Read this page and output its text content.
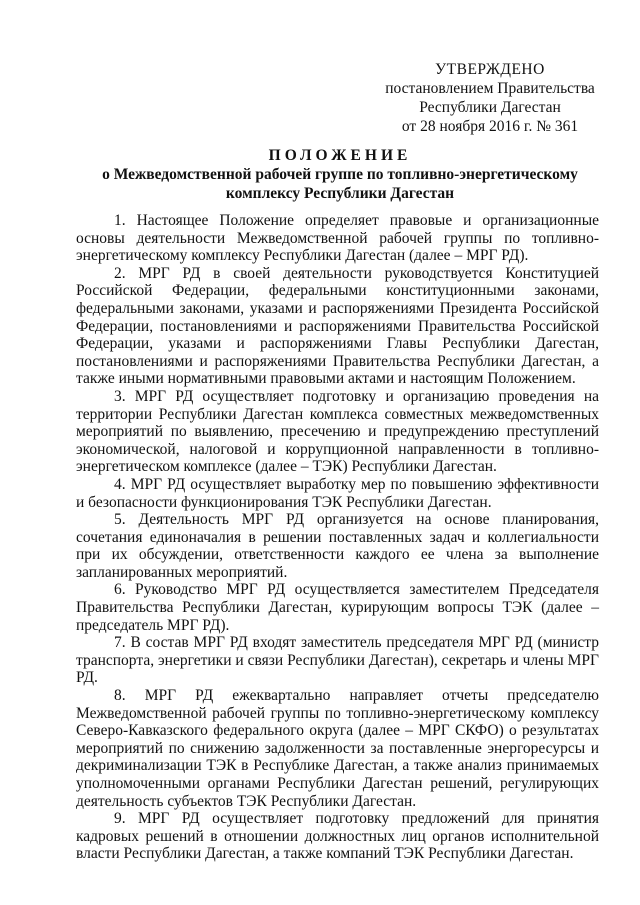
УТВЕРЖДЕНО
постановлением Правительства
Республики Дагестан
от 28 ноября 2016 г. № 361
ПОЛОЖЕНИЕ
о Межведомственной рабочей группе по топливно-энергетическому
комплексу Республики Дагестан

1. Настоящее Положение определяет правовые и организационные основы деятельности Межведомственной рабочей группы по топливно-энергетическому комплексу Республики Дагестан (далее – МРГ РД).

2. МРГ РД в своей деятельности руководствуется Конституцией Российской Федерации, федеральными конституционными законами, федеральными законами, указами и распоряжениями Президента Российской Федерации, постановлениями и распоряжениями Правительства Российской Федерации, указами и распоряжениями Главы Республики Дагестан, постановлениями и распоряжениями Правительства Республики Дагестан, а также иными нормативными правовыми актами и настоящим Положением.

3. МРГ РД осуществляет подготовку и организацию проведения на территории Республики Дагестан комплекса совместных межведомственных мероприятий по выявлению, пресечению и предупреждению преступлений экономической, налоговой и коррупционной направленности в топливно-энергетическом комплексе (далее – ТЭК) Республики Дагестан.

4. МРГ РД осуществляет выработку мер по повышению эффективности и безопасности функционирования ТЭК Республики Дагестан.

5. Деятельность МРГ РД организуется на основе планирования, сочетания единоначалия в решении поставленных задач и коллегиальности при их обсуждении, ответственности каждого ее члена за выполнение запланированных мероприятий.

6. Руководство МРГ РД осуществляется заместителем Председателя Правительства Республики Дагестан, курирующим вопросы ТЭК (далее – председатель МРГ РД).

7. В состав МРГ РД входят заместитель председателя МРГ РД (министр транспорта, энергетики и связи Республики Дагестан), секретарь и члены МРГ РД.

8. МРГ РД ежеквартально направляет отчеты председателю Межведомственной рабочей группы по топливно-энергетическому комплексу Северо-Кавказского федерального округа (далее – МРГ СКФО) о результатах мероприятий по снижению задолженности за поставленные энергоресурсы и декриминализации ТЭК в Республике Дагестан, а также анализ принимаемых уполномоченными органами Республики Дагестан решений, регулирующих деятельность субъектов ТЭК Республики Дагестан.

9. МРГ РД осуществляет подготовку предложений для принятия кадровых решений в отношении должностных лиц органов исполнительной власти Республики Дагестан, а также компаний ТЭК Республики Дагестан.
